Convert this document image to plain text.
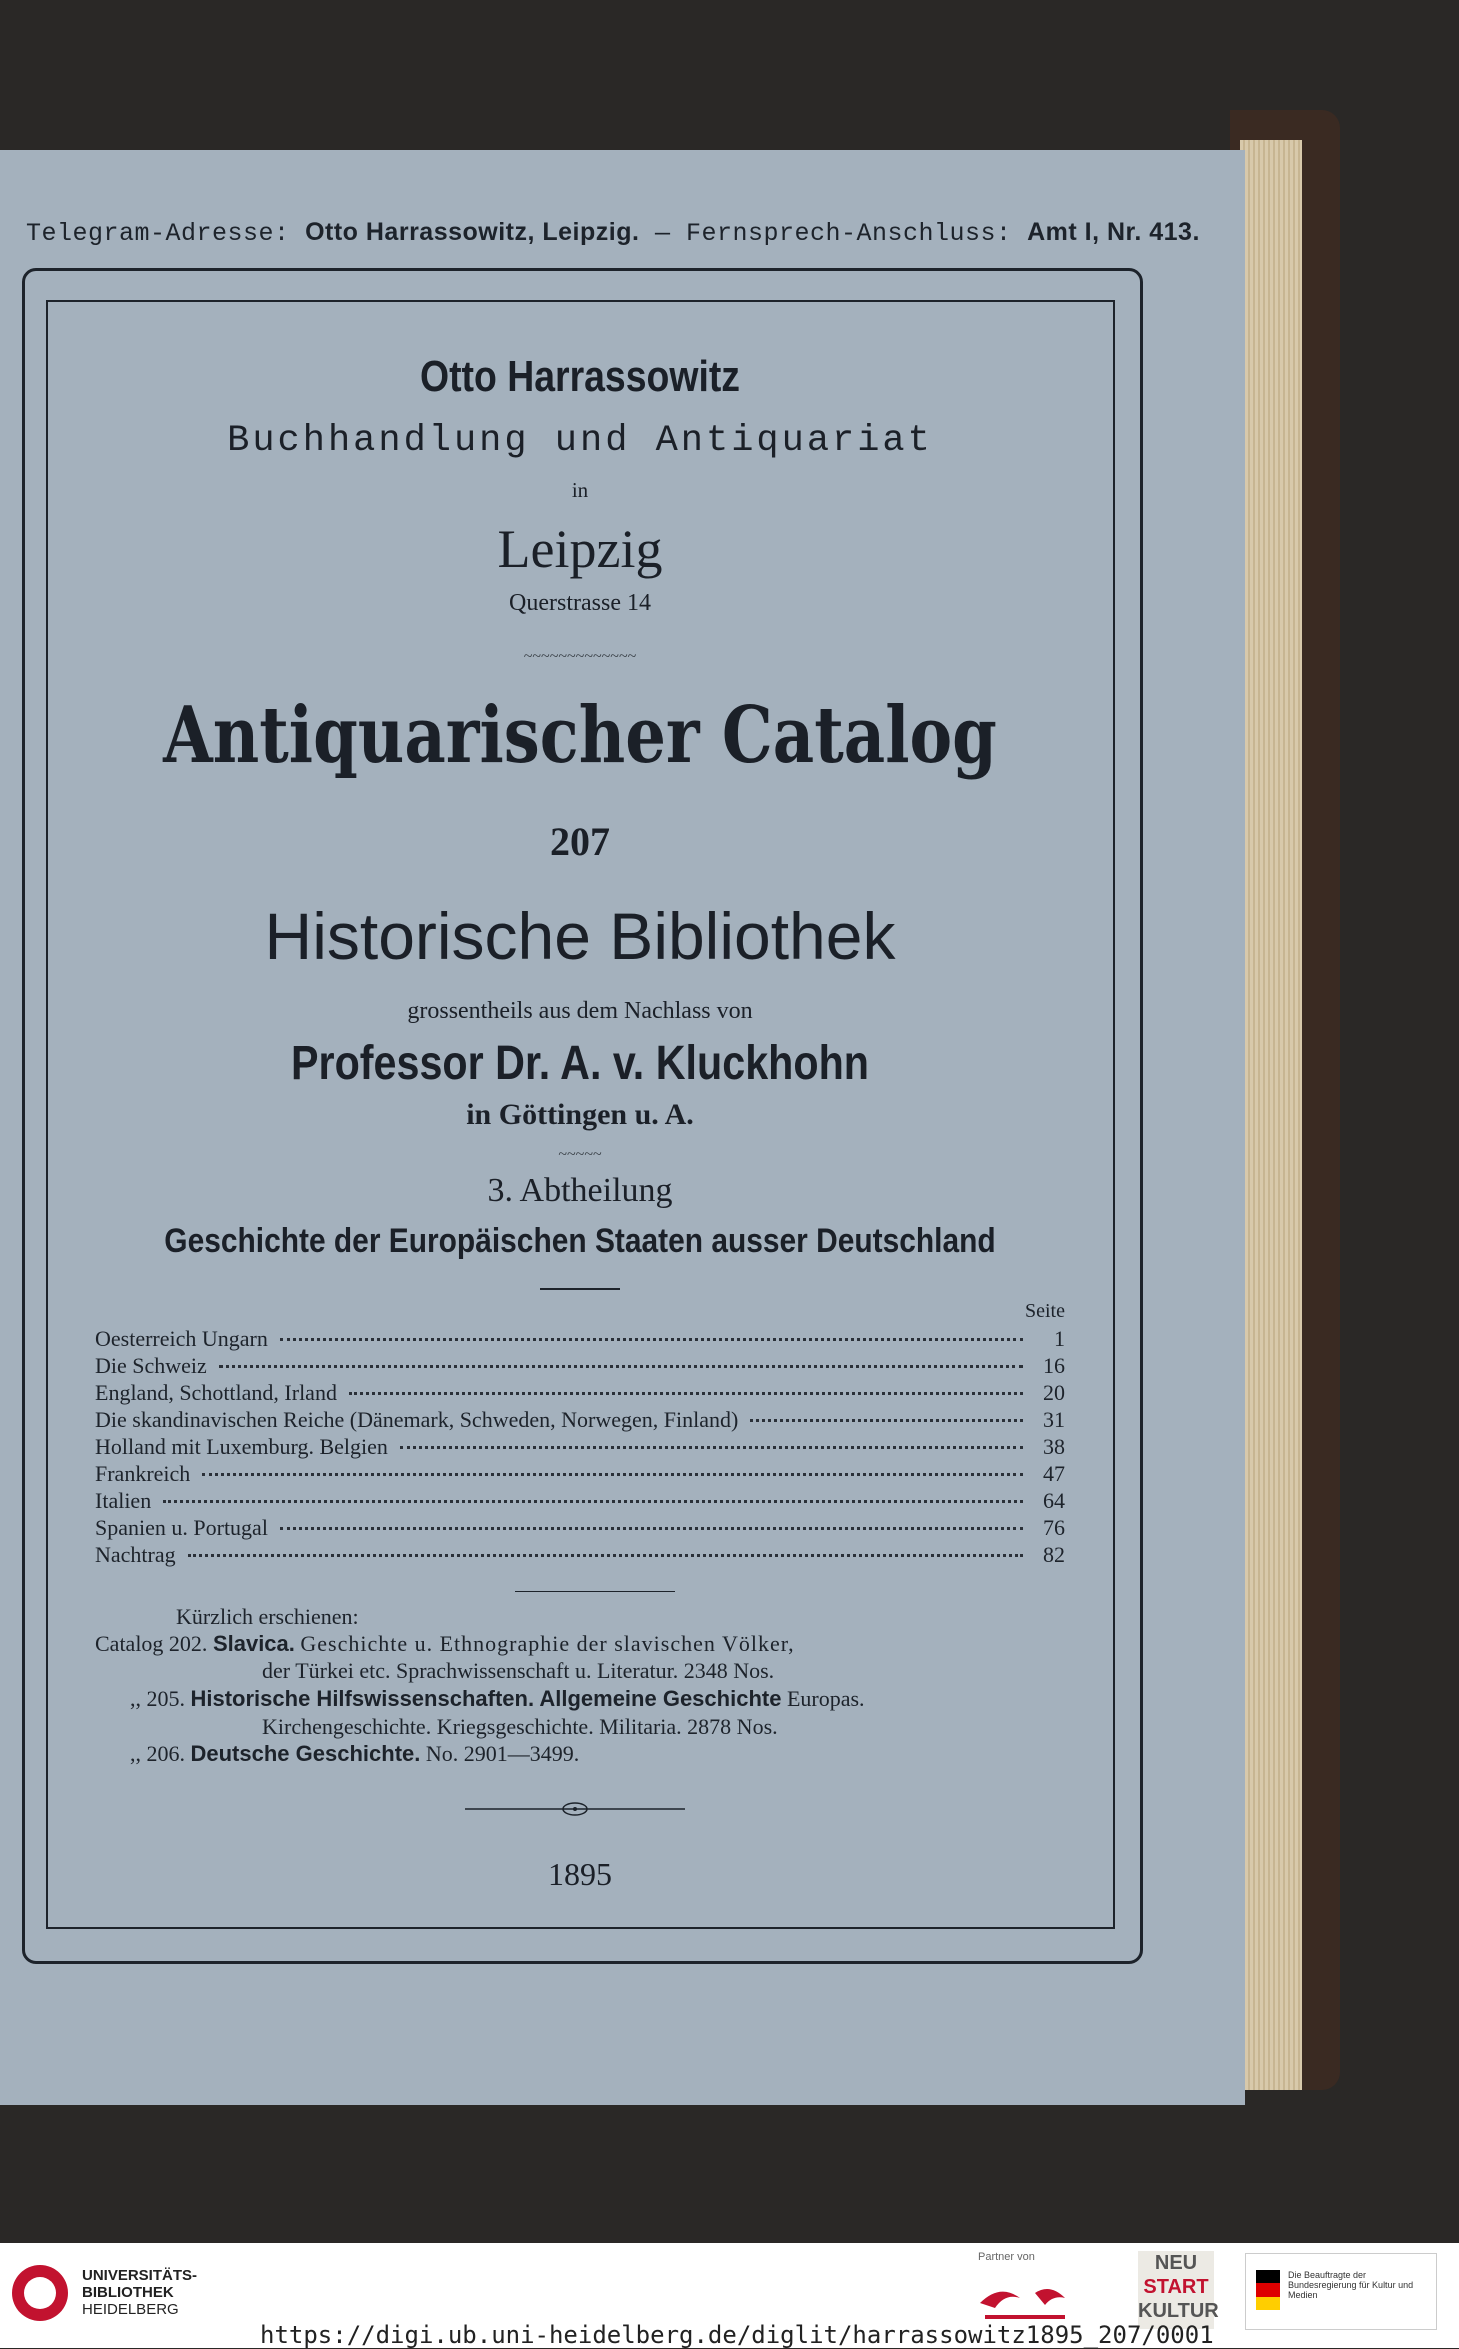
Telegram-Adresse: Otto Harrassowitz, Leipzig. — Fernsprech-Anschluss: Amt I, Nr. 413.
Otto Harrassowitz
Buchhandlung und Antiquariat
in
Leipzig
Querstrasse 14
~~~~~~~~~~~~~
Antiquarischer Catalog
207
Historische Bibliothek
grossentheils aus dem Nachlass von
Professor Dr. A. v. Kluckhohn
in Göttingen u. A.
~~~~~
3. Abtheilung
Geschichte der Europäischen Staaten ausser Deutschland
Seite
Oesterreich Ungarn	1
Die Schweiz	16
England, Schottland, Irland	20
Die skandinavischen Reiche (Dänemark, Schweden, Norwegen, Finland)	31
Holland mit Luxemburg. Belgien	38
Frankreich	47
Italien	64
Spanien u. Portugal	76
Nachtrag	82
Kürzlich erschienen:
Catalog 202. Slavica. Geschichte u. Ethnographie der slavischen Völker,
der Türkei etc. Sprachwissenschaft u. Literatur. 2348 Nos.
,, 205. Historische Hilfswissenschaften. Allgemeine Geschichte Europas.
Kirchengeschichte. Kriegsgeschichte. Militaria. 2878 Nos.
,, 206. Deutsche Geschichte. No. 2901—3499.
1895
UNIVERSITÄTS-
BIBLIOTHEK
HEIDELBERG
Partner von	NEU
START
KULTUR
Die Beauftragte der Bundesregierung für Kultur und Medien
https://digi.ub.uni-heidelberg.de/diglit/harrassowitz1895_207/0001
